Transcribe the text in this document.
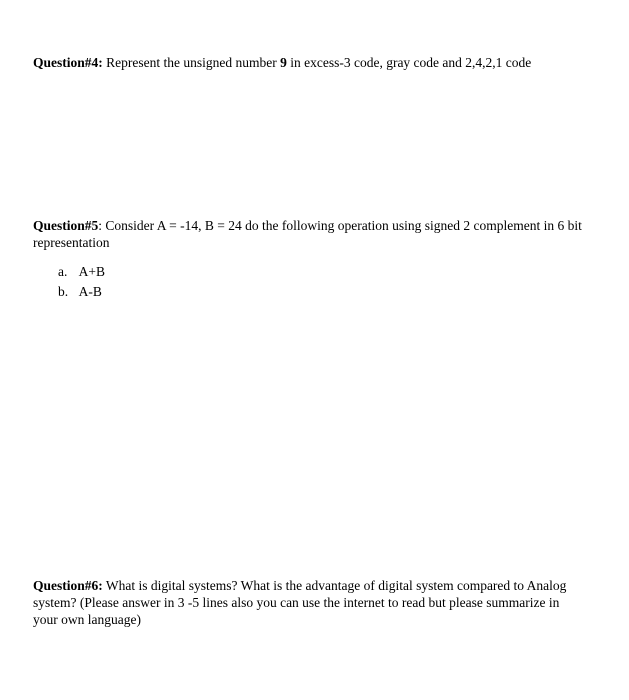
Question#4: Represent the unsigned number 9 in excess-3 code, gray code and 2,4,2,1 code
Question#5: Consider A = -14, B = 24 do the following operation using signed 2 complement in 6 bit representation
a. A+B
b. A-B
Question#6: What is digital systems? What is the advantage of digital system compared to Analog system? (Please answer in 3 -5 lines also you can use the internet to read but please summarize in your own language)
